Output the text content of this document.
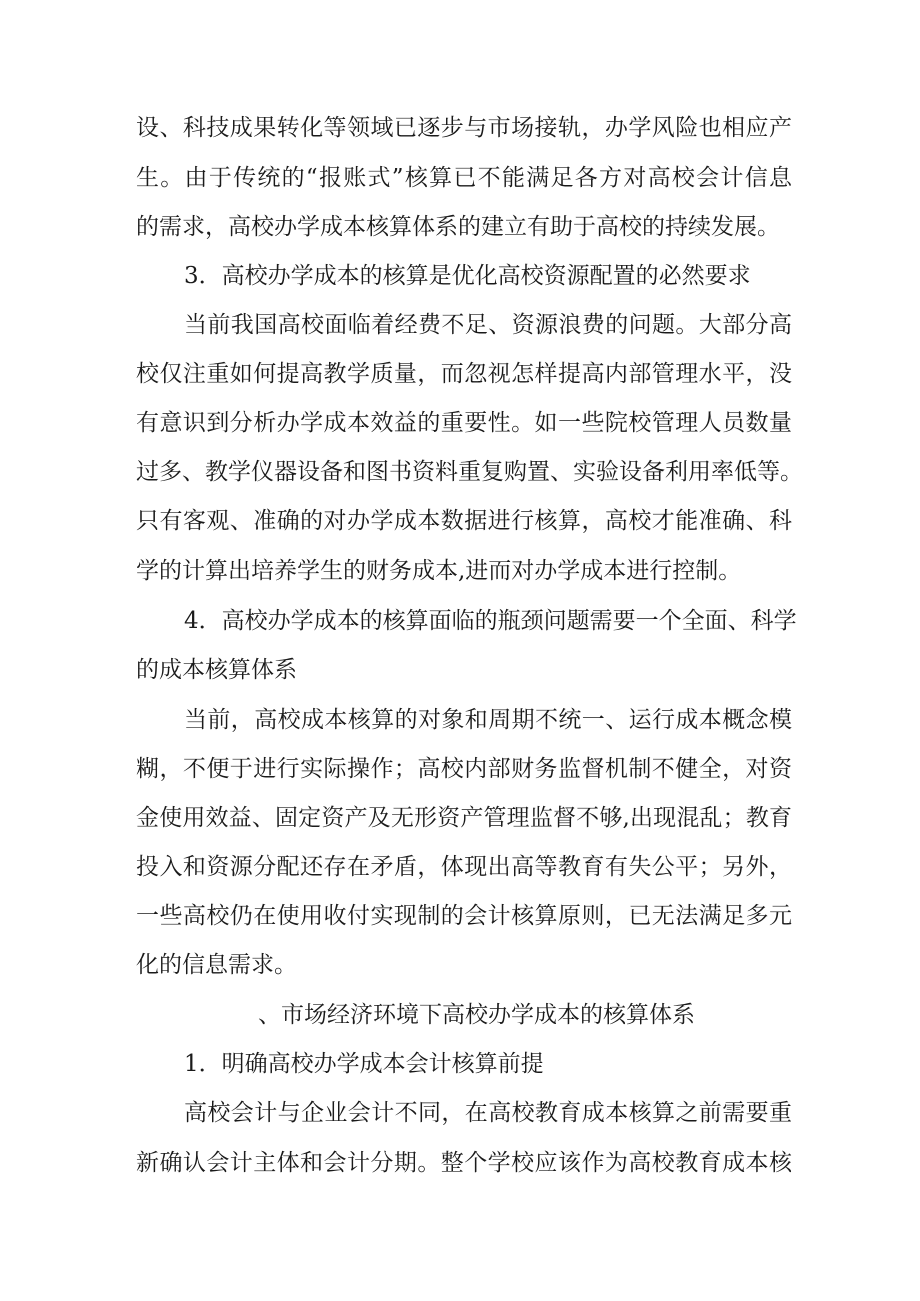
设、科技成果转化等领域已逐步与市场接轨，办学风险也相应产
生。由于传统的“报账式”核算已不能满足各方对高校会计信息
的需求，高校办学成本核算体系的建立有助于高校的持续发展。
3．高校办学成本的核算是优化高校资源配置的必然要求
当前我国高校面临着经费不足、资源浪费的问题。大部分高
校仅注重如何提高教学质量，而忽视怎样提高内部管理水平，没
有意识到分析办学成本效益的重要性。如一些院校管理人员数量
过多、教学仪器设备和图书资料重复购置、实验设备利用率低等。
只有客观、准确的对办学成本数据进行核算，高校才能准确、科
学的计算出培养学生的财务成本,进而对办学成本进行控制。
4．高校办学成本的核算面临的瓶颈问题需要一个全面、科学
的成本核算体系
当前，高校成本核算的对象和周期不统一、运行成本概念模
糊，不便于进行实际操作；高校内部财务监督机制不健全，对资
金使用效益、固定资产及无形资产管理监督不够,出现混乱；教育
投入和资源分配还存在矛盾，体现出高等教育有失公平；另外，
一些高校仍在使用收付实现制的会计核算原则，已无法满足多元
化的信息需求。
、市场经济环境下高校办学成本的核算体系
1．明确高校办学成本会计核算前提
高校会计与企业会计不同，在高校教育成本核算之前需要重
新确认会计主体和会计分期。整个学校应该作为高校教育成本核
